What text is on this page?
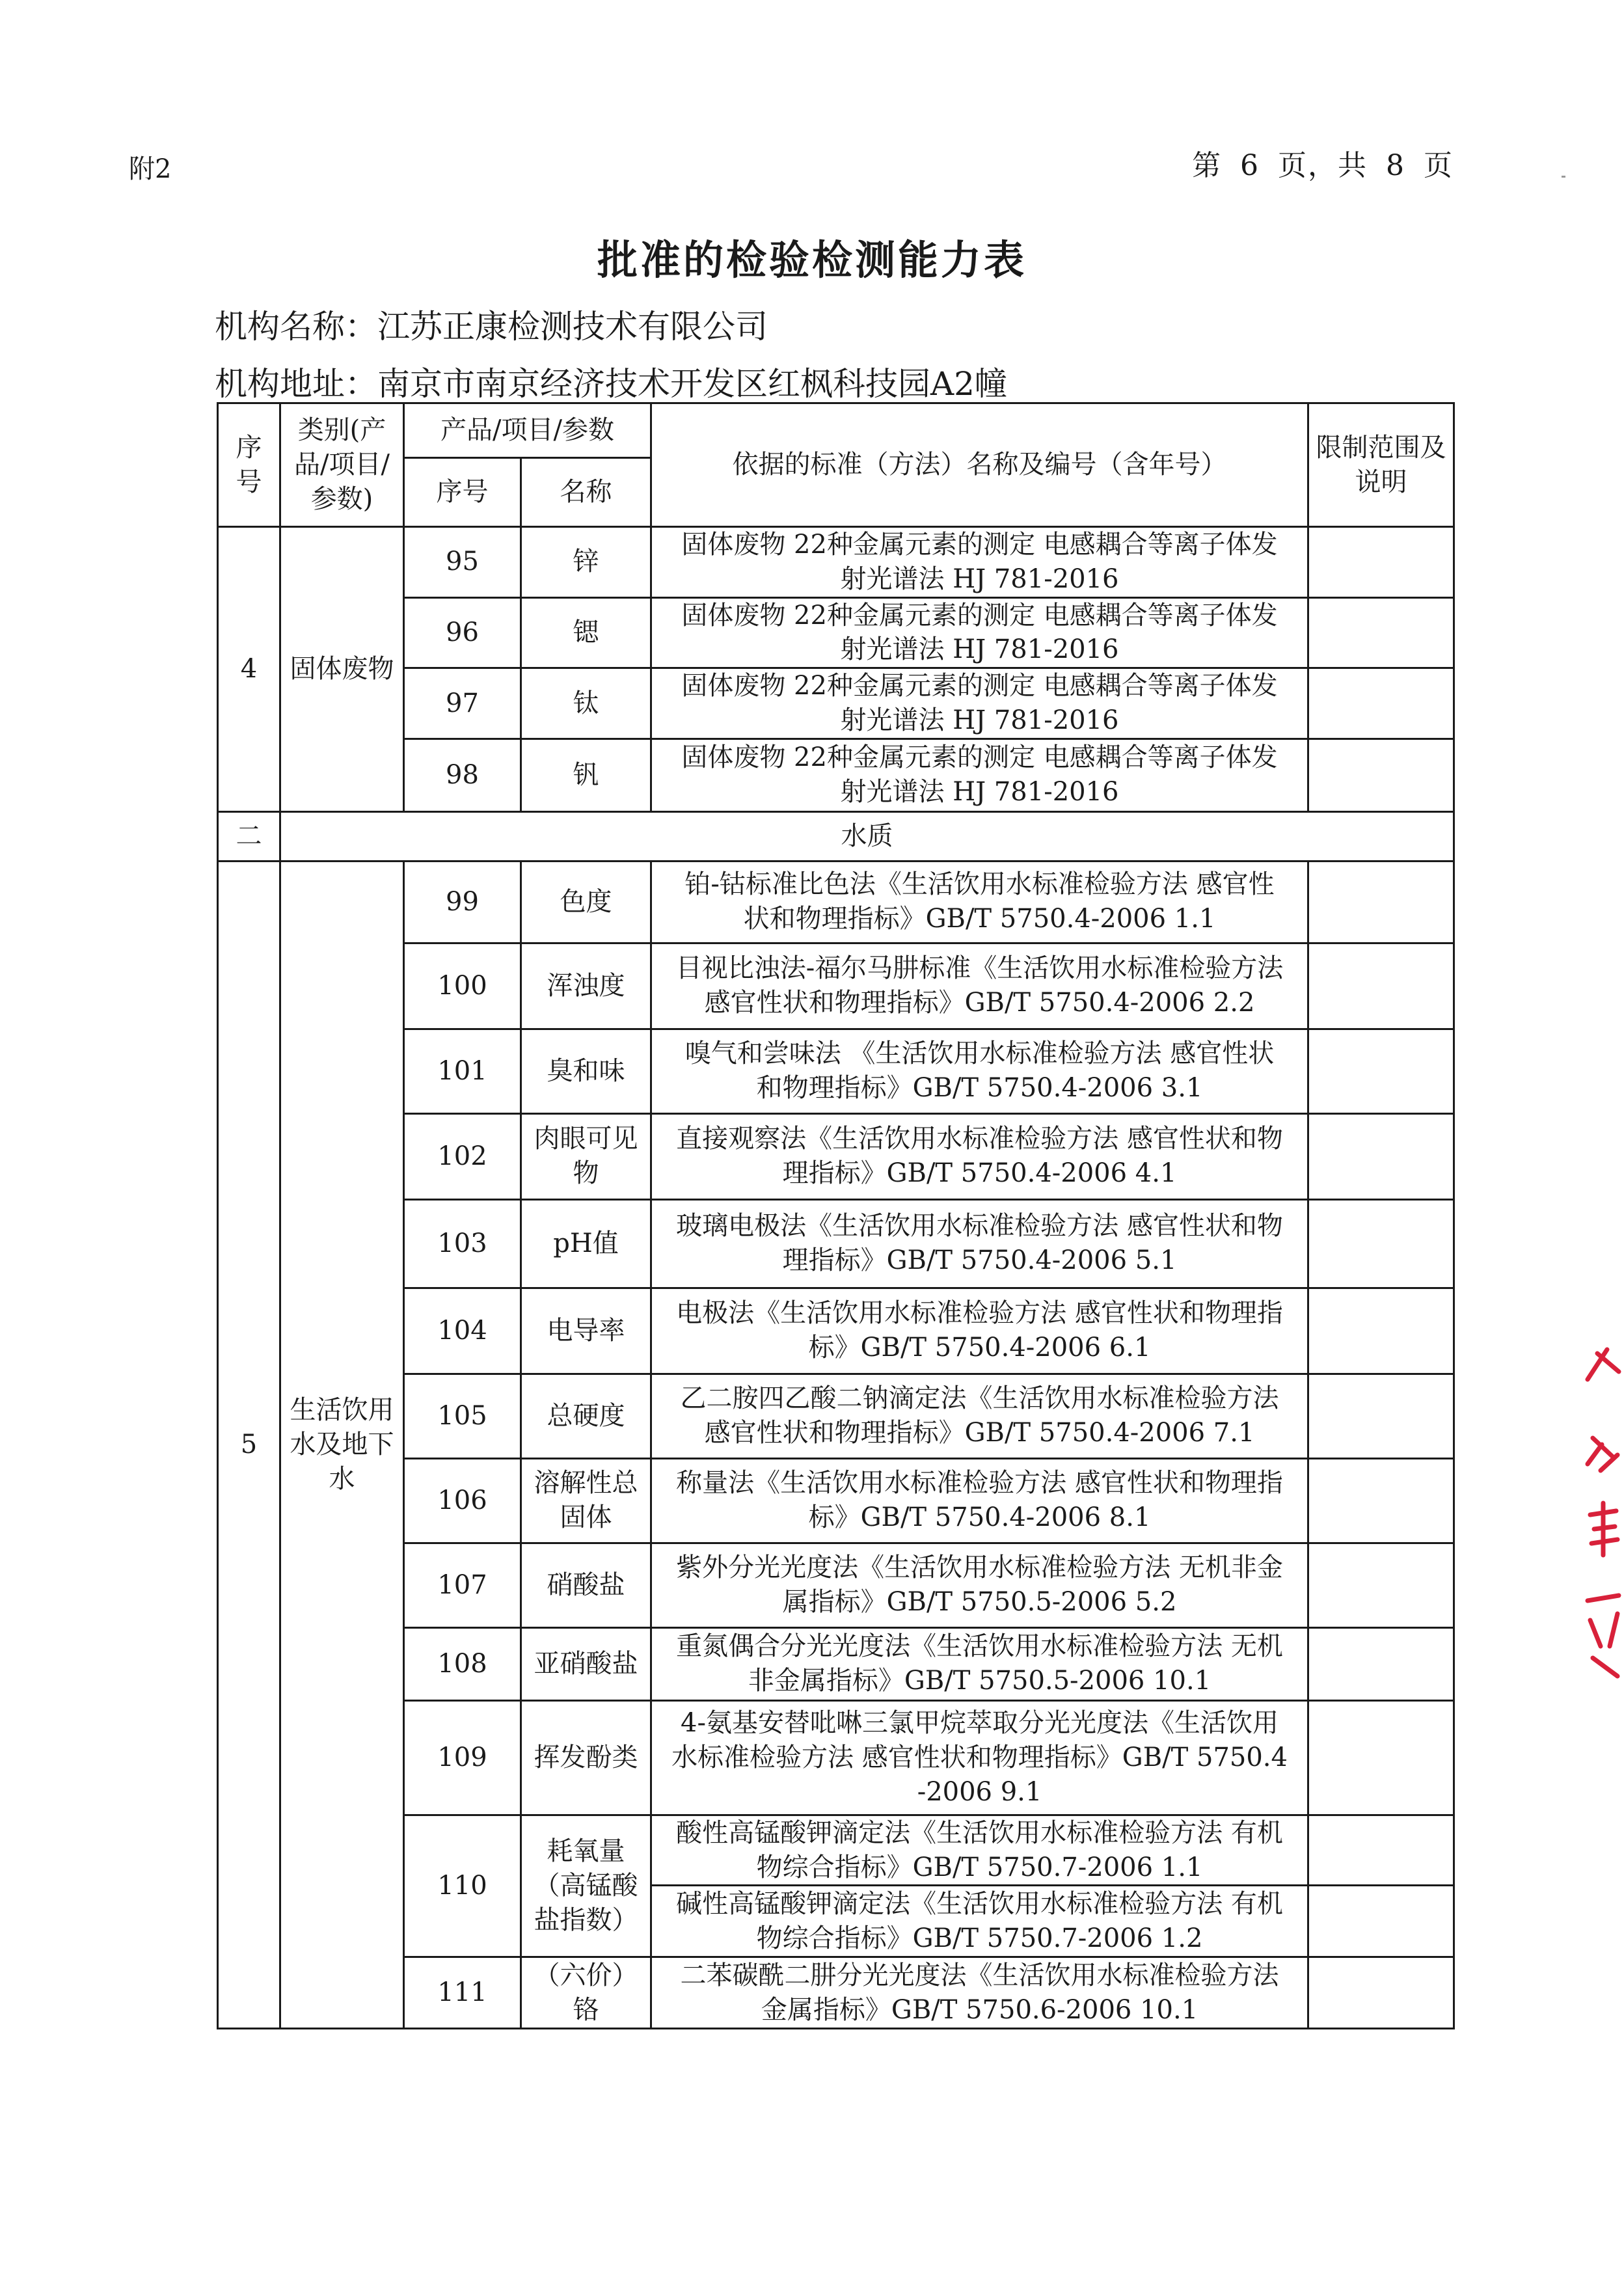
附2	第 6 页，共 8 页
批准的检验检测能力表
机构名称：江苏正康检测技术有限公司
机构地址：南京市南京经济技术开发区红枫科技园A2幢
序号	类别(产品/项目/参数)	产品/项目/参数		依据的标准（方法）名称及编号（含年号）	限制范围及说明
		序号	名称		
4	固体废物	95	锌	固体废物 22种金属元素的测定 电感耦合等离子体发
射光谱法 HJ 781-2016	

		96	锶	固体废物 22种金属元素的测定 电感耦合等离子体发
射光谱法 HJ 781-2016	

		97	钛	固体废物 22种金属元素的测定 电感耦合等离子体发
射光谱法 HJ 781-2016	

		98	钒	固体废物 22种金属元素的测定 电感耦合等离子体发
射光谱法 HJ 781-2016	

二	水质				
5	生活饮用水及地下水	99	色度	铂-钴标准比色法《生活饮用水标准检验方法 感官性
状和物理指标》GB/T 5750.4-2006 1.1	

		100	浑浊度	目视比浊法-福尔马肼标准《生活饮用水标准检验方法
感官性状和物理指标》GB/T 5750.4-2006 2.2	

		101	臭和味	嗅气和尝味法 《生活饮用水标准检验方法 感官性状
和物理指标》GB/T 5750.4-2006 3.1	

		102	肉眼可见物	直接观察法《生活饮用水标准检验方法 感官性状和物
理指标》GB/T 5750.4-2006 4.1	

		103	pH值	玻璃电极法《生活饮用水标准检验方法 感官性状和物
理指标》GB/T 5750.4-2006 5.1	

		104	电导率	电极法《生活饮用水标准检验方法 感官性状和物理指
标》GB/T 5750.4-2006 6.1	

		105	总硬度	乙二胺四乙酸二钠滴定法《生活饮用水标准检验方法
感官性状和物理指标》GB/T 5750.4-2006 7.1	

		106	溶解性总固体	称量法《生活饮用水标准检验方法 感官性状和物理指
标》GB/T 5750.4-2006 8.1	

		107	硝酸盐	紫外分光光度法《生活饮用水标准检验方法 无机非金
属指标》GB/T 5750.5-2006 5.2	

		108	亚硝酸盐	重氮偶合分光光度法《生活饮用水标准检验方法 无机
非金属指标》GB/T 5750.5-2006 10.1	

		109	挥发酚类	4-氨基安替吡啉三氯甲烷萃取分光光度法《生活饮用
水标准检验方法 感官性状和物理指标》GB/T 5750.4
-2006 9.1	

		110	耗氧量（高锰酸盐指数）	酸性高锰酸钾滴定法《生活饮用水标准检验方法 有机
物综合指标》GB/T 5750.7-2006 1.1	

				碱性高锰酸钾滴定法《生活饮用水标准检验方法 有机
物综合指标》GB/T 5750.7-2006 1.2	

		111	（六价）铬	二苯碳酰二肼分光光度法《生活饮用水标准检验方法
金属指标》GB/T 5750.6-2006 10.1	
